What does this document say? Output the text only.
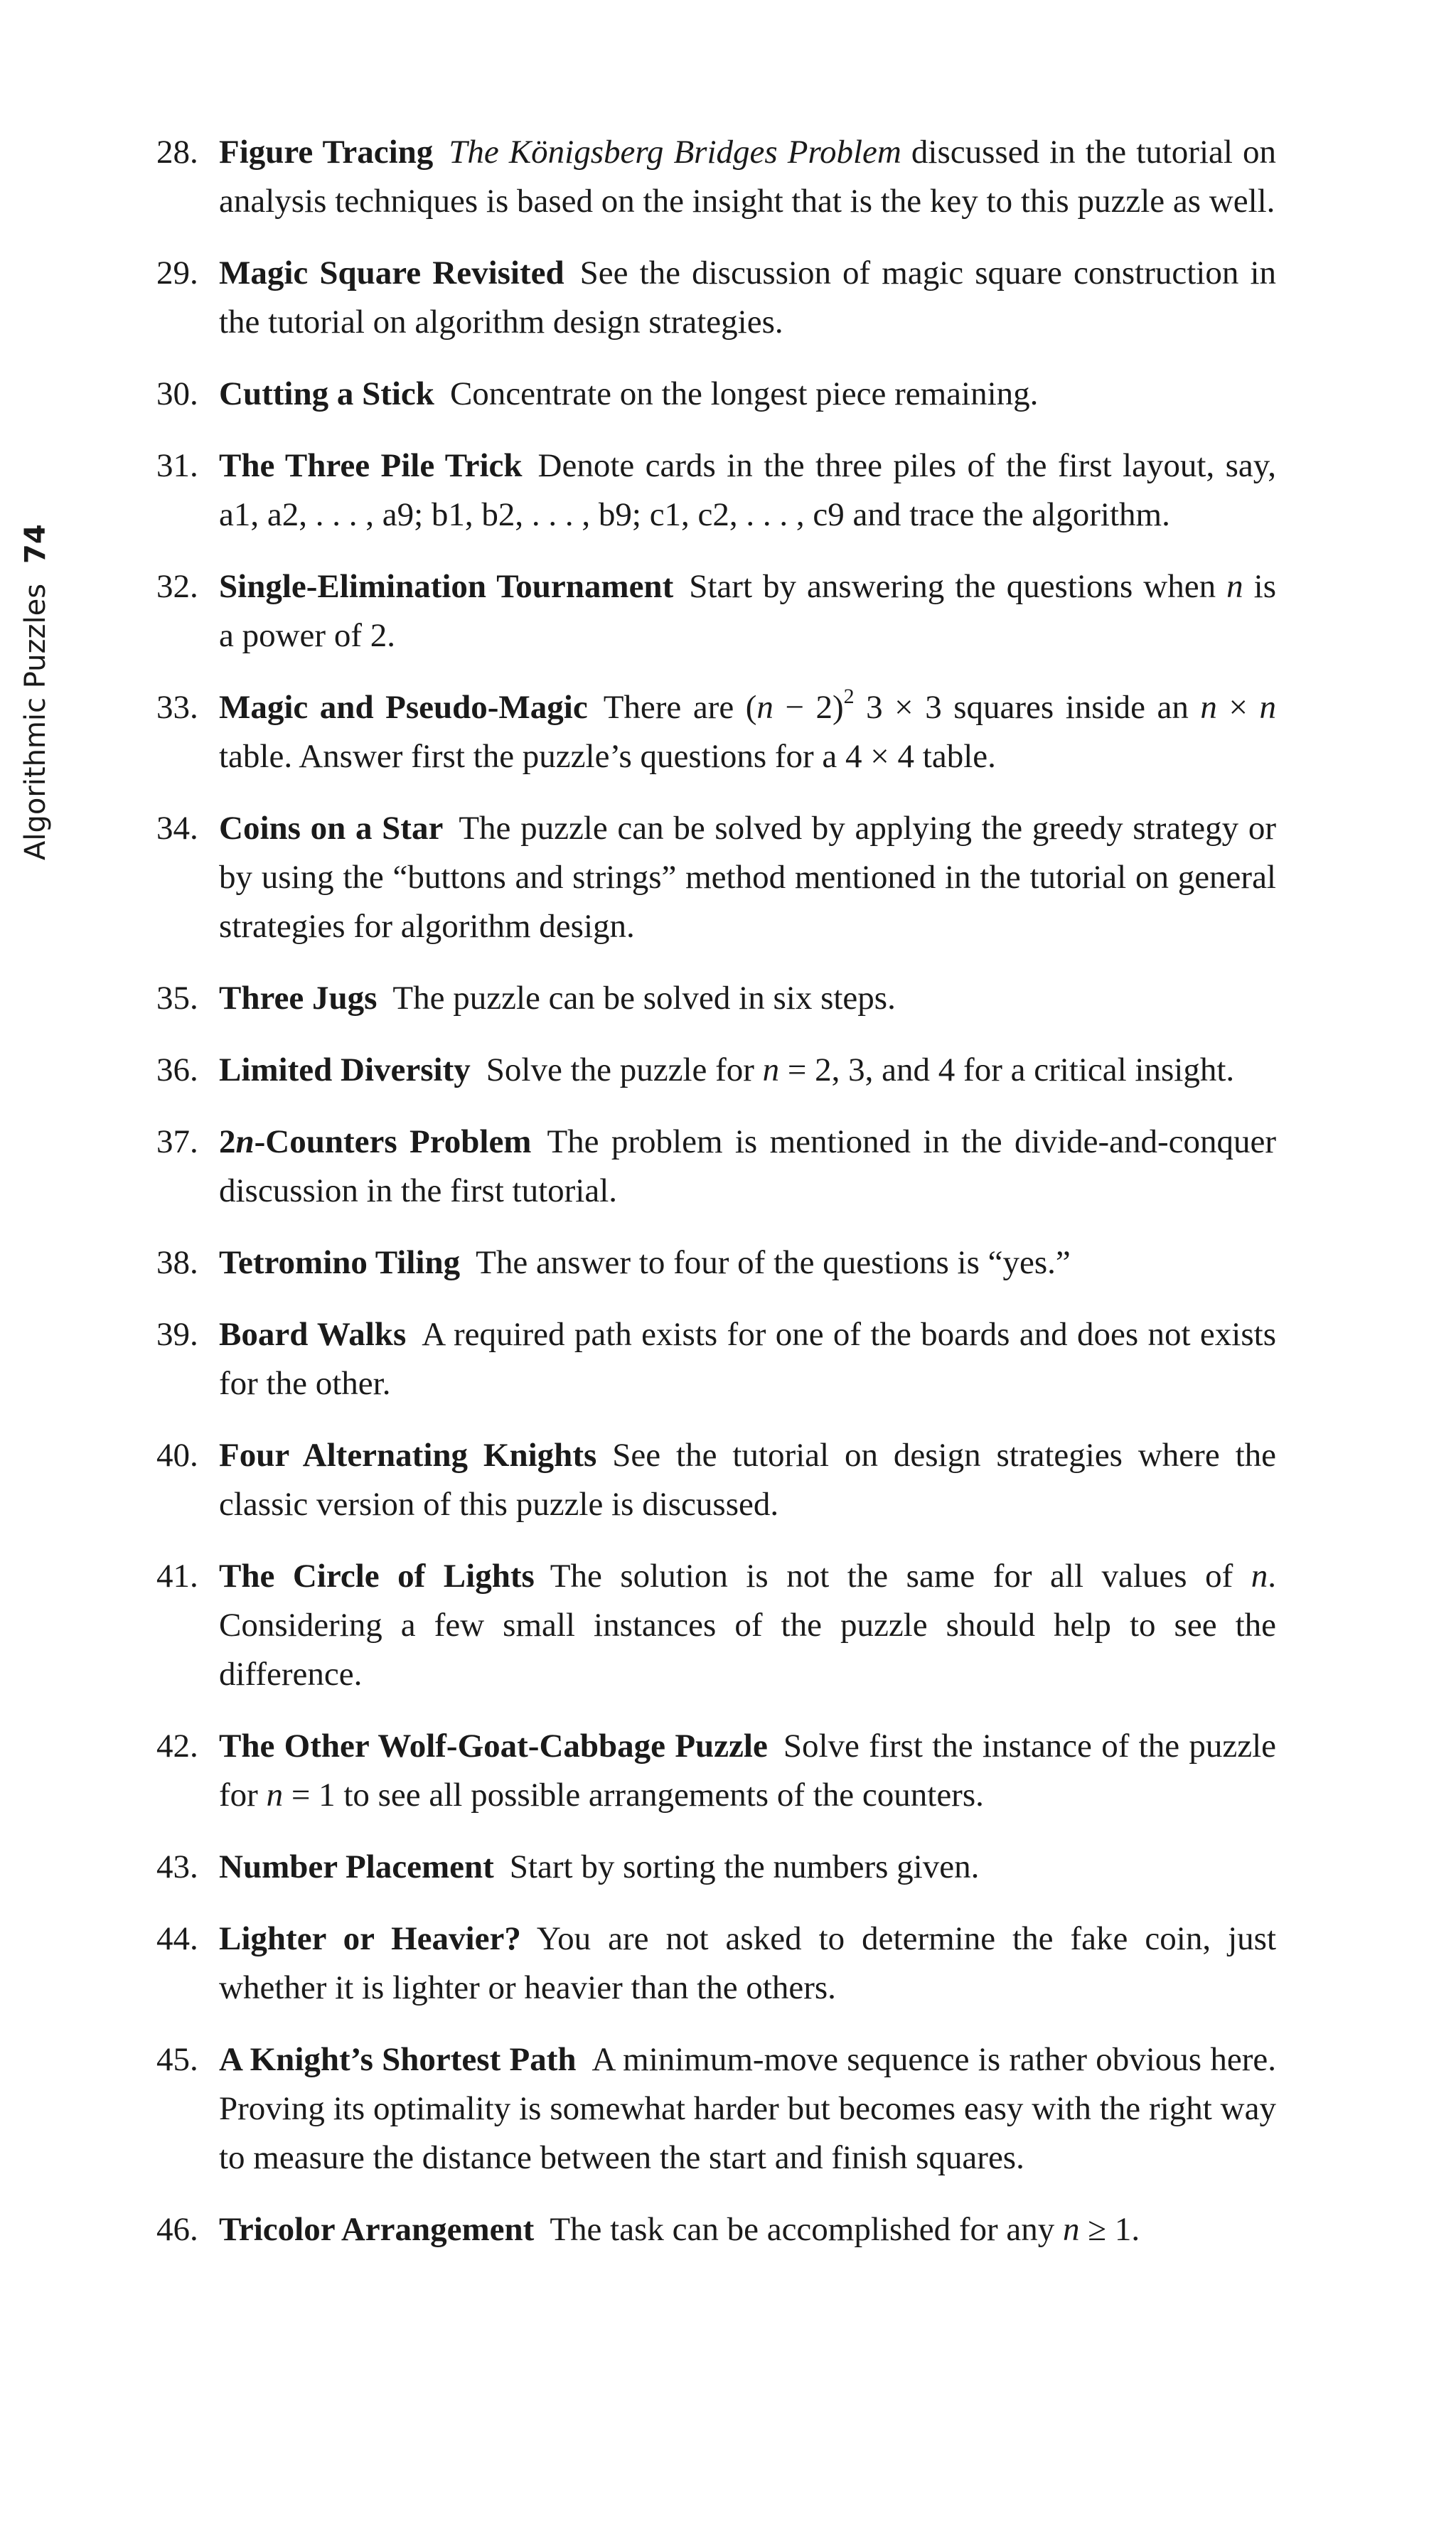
Algorithmic Puzzles
74
28. Figure Tracing The Königsberg Bridges Problem discussed in the tutorial on analysis techniques is based on the insight that is the key to this puzzle as well.
29. Magic Square Revisited See the discussion of magic square construction in the tutorial on algorithm design strategies.
30. Cutting a Stick Concentrate on the longest piece remaining.
31. The Three Pile Trick Denote cards in the three piles of the first layout, say, a1, a2, . . . , a9; b1, b2, . . . , b9; c1, c2, . . . , c9 and trace the algorithm.
32. Single-Elimination Tournament Start by answering the questions when n is a power of 2.
33. Magic and Pseudo-Magic There are $(n - 2)^2$ 3 × 3 squares inside an n × n table. Answer first the puzzle’s questions for a 4 × 4 table.
34. Coins on a Star The puzzle can be solved by applying the greedy strategy or by using the “buttons and strings” method mentioned in the tutorial on general strategies for algorithm design.
35. Three Jugs The puzzle can be solved in six steps.
36. Limited Diversity Solve the puzzle for n = 2, 3, and 4 for a critical insight.
37. 2n-Counters Problem The problem is mentioned in the divide-and-conquer discussion in the first tutorial.
38. Tetromino Tiling The answer to four of the questions is “yes.”
39. Board Walks A required path exists for one of the boards and does not exists for the other.
40. Four Alternating Knights See the tutorial on design strategies where the classic version of this puzzle is discussed.
41. The Circle of Lights The solution is not the same for all values of n. Considering a few small instances of the puzzle should help to see the difference.
42. The Other Wolf-Goat-Cabbage Puzzle Solve first the instance of the puzzle for n = 1 to see all possible arrangements of the counters.
43. Number Placement Start by sorting the numbers given.
44. Lighter or Heavier? You are not asked to determine the fake coin, just whether it is lighter or heavier than the others.
45. A Knight’s Shortest Path A minimum-move sequence is rather obvious here. Proving its optimality is somewhat harder but becomes easy with the right way to measure the distance between the start and finish squares.
46. Tricolor Arrangement The task can be accomplished for any n ≥ 1.
